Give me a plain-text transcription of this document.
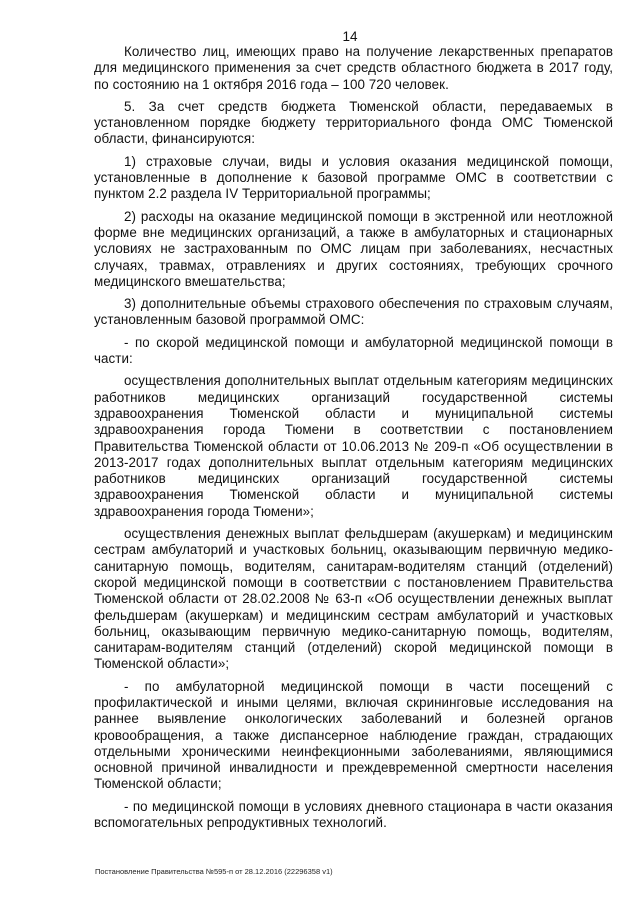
14

Количество лиц, имеющих право на получение лекарственных препаратов для медицинского применения за счет средств областного бюджета в 2017 году, по состоянию на 1 октября 2016 года – 100 720 человек.

5. За счет средств бюджета Тюменской области, передаваемых в установленном порядке бюджету территориального фонда ОМС Тюменской области, финансируются:

1) страховые случаи, виды и условия оказания медицинской помощи, установленные в дополнение к базовой программе ОМС в соответствии с пунктом 2.2 раздела IV Территориальной программы;

2) расходы на оказание медицинской помощи в экстренной или неотложной форме вне медицинских организаций, а также в амбулаторных и стационарных условиях не застрахованным по ОМС лицам при заболеваниях, несчастных случаях, травмах, отравлениях и других состояниях, требующих срочного медицинского вмешательства;

3) дополнительные объемы страхового обеспечения по страховым случаям, установленным базовой программой ОМС:

- по скорой медицинской помощи и амбулаторной медицинской помощи в части:

осуществления дополнительных выплат отдельным категориям медицинских работников медицинских организаций государственной системы здравоохранения Тюменской области и муниципальной системы здравоохранения города Тюмени в соответствии с постановлением Правительства Тюменской области от 10.06.2013 № 209-п «Об осуществлении в 2013-2017 годах дополнительных выплат отдельным категориям медицинских работников медицинских организаций государственной системы здравоохранения Тюменской области и муниципальной системы здравоохранения города Тюмени»;

осуществления денежных выплат фельдшерам (акушеркам) и медицинским сестрам амбулаторий и участковых больниц, оказывающим первичную медико-санитарную помощь, водителям, санитарам-водителям станций (отделений) скорой медицинской помощи в соответствии с постановлением Правительства Тюменской области от 28.02.2008 № 63-п «Об осуществлении денежных выплат фельдшерам (акушеркам) и медицинским сестрам амбулаторий и участковых больниц, оказывающим первичную медико-санитарную помощь, водителям, санитарам-водителям станций (отделений) скорой медицинской помощи в Тюменской области»;

- по амбулаторной медицинской помощи в части посещений с профилактической и иными целями, включая скрининговые исследования на раннее выявление онкологических заболеваний и болезней органов кровообращения, а также диспансерное наблюдение граждан, страдающих отдельными хроническими неинфекционными заболеваниями, являющимися основной причиной инвалидности и преждевременной смертности населения Тюменской области;

- по медицинской помощи в условиях дневного стационара в части оказания вспомогательных репродуктивных технологий.

Постановление Правительства №595-п от 28.12.2016 (22296358 v1)
